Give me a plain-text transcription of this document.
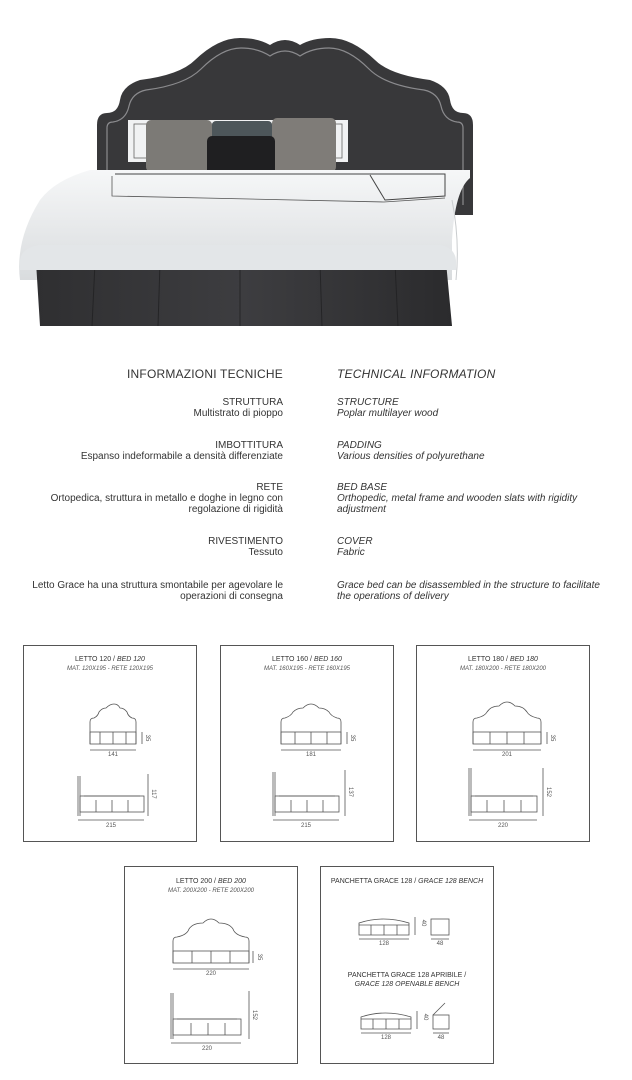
INFORMAZIONI TECNICHE	TECHNICAL INFORMATION
STRUTTURA
Multistrato di pioppo
STRUCTURE
Poplar multilayer wood
IMBOTTITURA
Espanso indeformabile a densità differenziate
PADDING
Various densities of polyurethane
RETE
Ortopedica, struttura in metallo e doghe in legno con regolazione di rigidità
BED BASE
Orthopedic, metal frame and wooden slats with rigidity adjustment
RIVESTIMENTO
Tessuto
COVER
Fabric
Letto Grace ha una struttura smontabile per agevolare le operazioni di consegna
Grace bed can be disassembled in the structure to facilitate the operations of delivery
LETTO 120 / BED 120
MAT. 120X195 - RETE 120X195
141
35
215
117
LETTO 160 / BED 160
MAT. 160X195 - RETE 160X195
181
35
215
137
LETTO 180 / BED 180
MAT. 180X200 - RETE 180X200
201
35
220
152
LETTO 200 / BED 200
MAT. 200X200 - RETE 200X200
220
35
220
152
PANCHETTA GRACE 128 / GRACE 128 BENCH
PANCHETTA GRACE 128 APRIBILE /
GRACE 128 OPENABLE BENCH
128
40
48
128
40
48
